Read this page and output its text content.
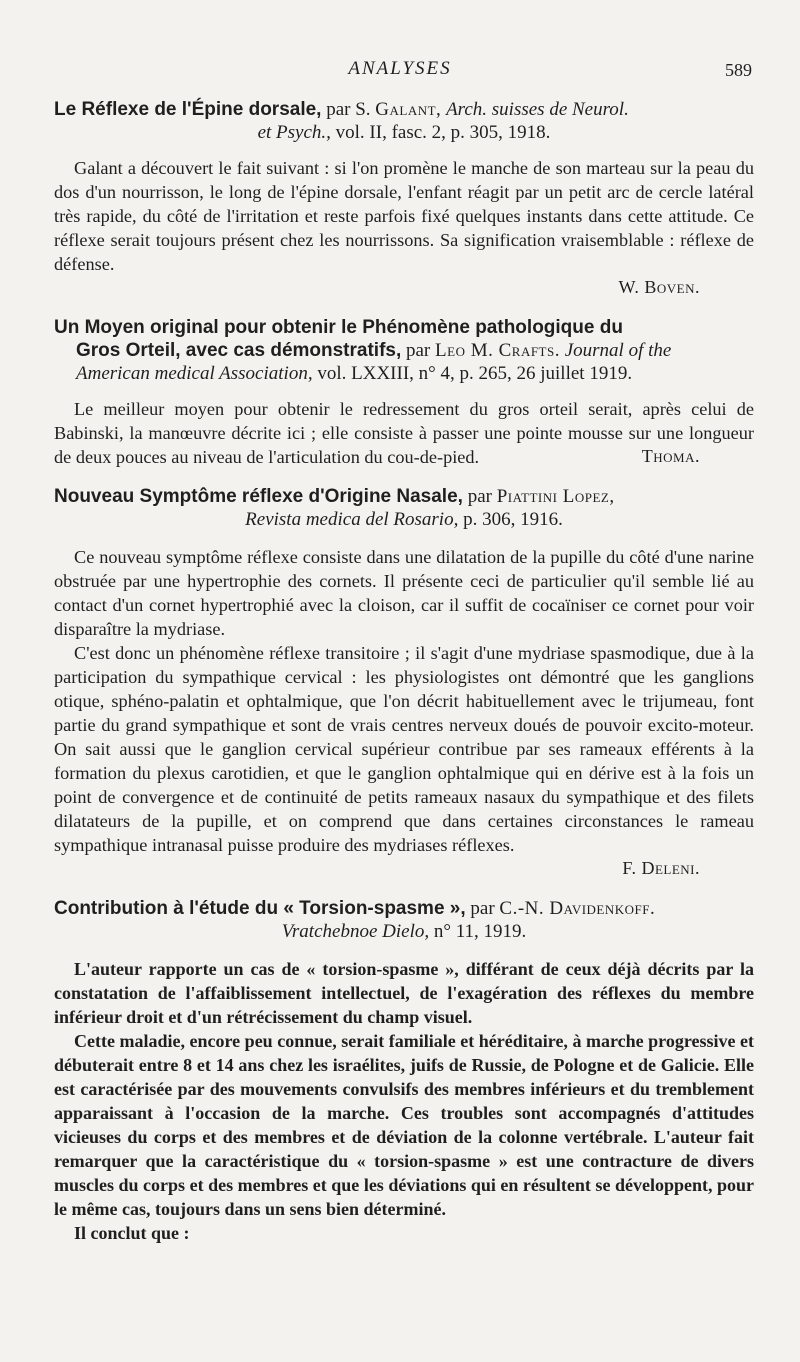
ANALYSES	589

Le Réflexe de l'Épine dorsale, par S. Galant, Arch. suisses de Neurol.
et Psych., vol. II, fasc. 2, p. 305, 1918.

Galant a découvert le fait suivant : si l'on promène le manche de son marteau sur la peau du dos d'un nourrisson, le long de l'épine dorsale, l'enfant réagit par un petit arc de cercle latéral très rapide, du côté de l'irritation et reste parfois fixé quelques instants dans cette attitude. Ce réflexe serait toujours présent chez les nourrissons. Sa signification vraisemblable : réflexe de défense.

W. Boven.

Un Moyen original pour obtenir le Phénomène pathologique du
Gros Orteil, avec cas démonstratifs, par Leo M. Crafts. Journal of the
American medical Association, vol. LXXIII, n° 4, p. 265, 26 juillet 1919.

Le meilleur moyen pour obtenir le redressement du gros orteil serait, après celui de Babinski, la manœuvre décrite ici ; elle consiste à passer une pointe mousse sur une longueur de deux pouces au niveau de l'articulation du cou-de-pied.	Thoma.

Nouveau Symptôme réflexe d'Origine Nasale, par Piattini Lopez,
Revista medica del Rosario, p. 306, 1916.

Ce nouveau symptôme réflexe consiste dans une dilatation de la pupille du côté d'une narine obstruée par une hypertrophie des cornets. Il présente ceci de particulier qu'il semble lié au contact d'un cornet hypertrophié avec la cloison, car il suffit de cocaïniser ce cornet pour voir disparaître la mydriase.

C'est donc un phénomène réflexe transitoire ; il s'agit d'une mydriase spasmodique, due à la participation du sympathique cervical : les physiologistes ont démontré que les ganglions otique, sphéno-palatin et ophtalmique, que l'on décrit habituellement avec le trijumeau, font partie du grand sympathique et sont de vrais centres nerveux doués de pouvoir excito-moteur. On sait aussi que le ganglion cervical supérieur contribue par ses rameaux efférents à la formation du plexus carotidien, et que le ganglion ophtalmique qui en dérive est à la fois un point de convergence et de continuité de petits rameaux nasaux du sympathique et des filets dilatateurs de la pupille, et on comprend que dans certaines circonstances le rameau sympathique intranasal puisse produire des mydriases réflexes.

F. Deleni.

Contribution à l'étude du « Torsion-spasme », par C.-N. Davidenkoff.
Vratchebnoe Dielo, n° 11, 1919.

L'auteur rapporte un cas de « torsion-spasme », différant de ceux déjà décrits par la constatation de l'affaiblissement intellectuel, de l'exagération des réflexes du membre inférieur droit et d'un rétrécissement du champ visuel.

Cette maladie, encore peu connue, serait familiale et héréditaire, à marche progressive et débuterait entre 8 et 14 ans chez les israélites, juifs de Russie, de Pologne et de Galicie. Elle est caractérisée par des mouvements convulsifs des membres inférieurs et du tremblement apparaissant à l'occasion de la marche. Ces troubles sont accompagnés d'attitudes vicieuses du corps et des membres et de déviation de la colonne vertébrale. L'auteur fait remarquer que la caractéristique du « torsion-spasme » est une contracture de divers muscles du corps et des membres et que les déviations qui en résultent se développent, pour le même cas, toujours dans un sens bien déterminé.

Il conclut que :
